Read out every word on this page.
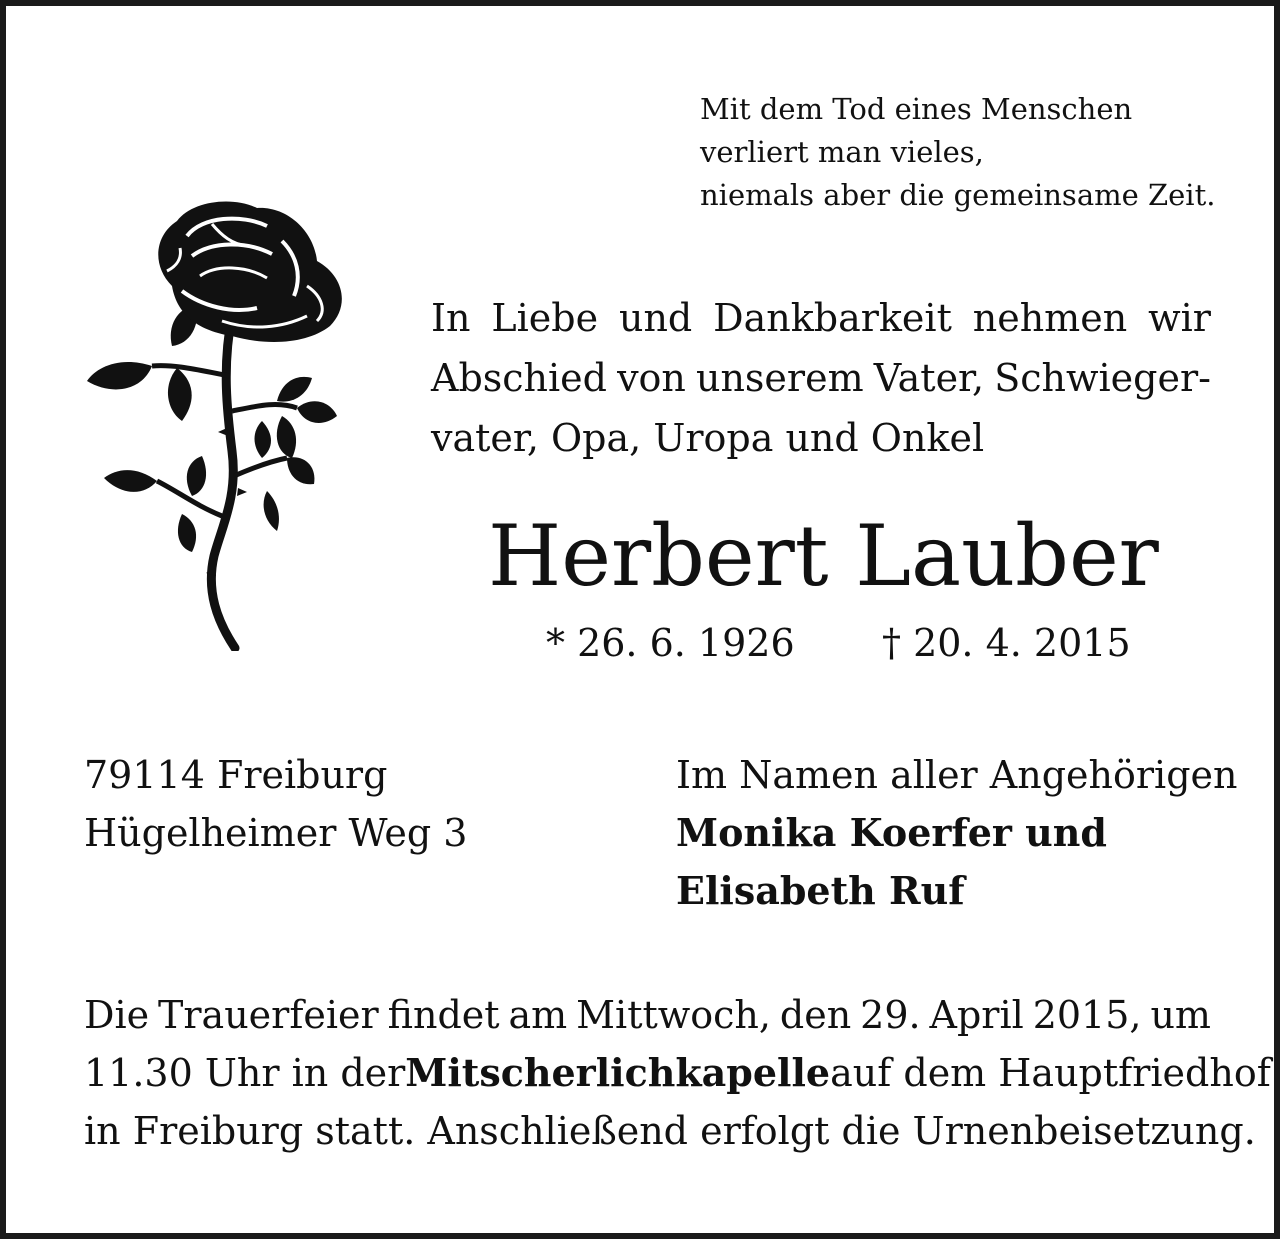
Mit dem Tod eines Menschen
verliert man vieles,
niemals aber die gemeinsame Zeit.
In Liebe und Dankbarkeit nehmen wir
Abschied von unserem Vater, Schwieger-
vater, Opa, Uropa und Onkel
Herbert Lauber
* 26. 6. 1926 † 20. 4. 2015
79114 Freiburg
Hügelheimer Weg 3
Im Namen aller Angehörigen
Monika Koerfer und
Elisabeth Ruf
Die Trauerfeier findet am Mittwoch, den 29. April 2015, um
11.30 Uhr in der Mitscherlichkapelle auf dem Hauptfriedhof
in Freiburg statt. Anschließend erfolgt die Urnenbeisetzung.
